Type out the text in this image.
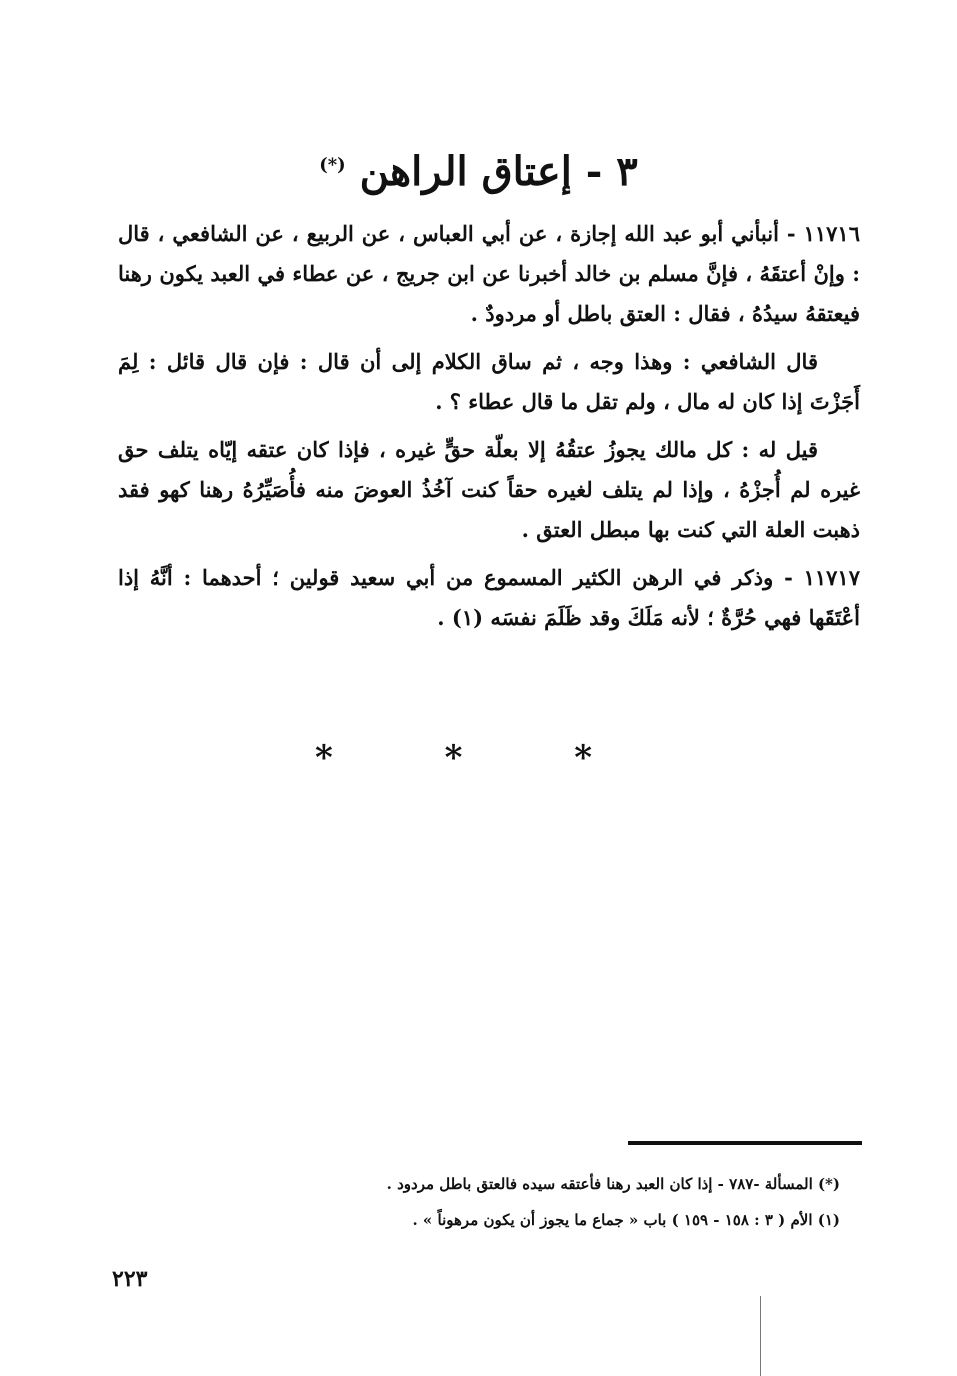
٣ - إعتاق الراهن (*)

١١٧١٦ - أنبأني أبو عبد الله إجازة ، عن أبي العباس ، عن الربيع ، عن الشافعي ، قال : وإنْ أعتقَهُ ، فإنَّ مسلم بن خالد أخبرنا عن ابن جريج ، عن عطاء في العبد يكون رهنا فيعتقهُ سيدُهُ ، فقال : العتق باطل أو مردودٌ .

قال الشافعي : وهذا وجه ، ثم ساق الكلام إلى أن قال : فإن قال قائل : لِمَ أَجَزْتَ إذا كان له مال ، ولم تقل ما قال عطاء ؟ .

قيل له : كل مالك يجوزُ عتقُهُ إلا بعلّة حقٍّ غيره ، فإذا كان عتقه إيّاه يتلف حق غيره لم أُجزْهُ ، وإذا لم يتلف لغيره حقاً كنت آخُذُ العوضَ منه فأُصَيِّرُهُ رهنا كهو فقد ذهبت العلة التي كنت بها مبطل العتق .

١١٧١٧ - وذكر في الرهن الكثير المسموع من أبي سعيد قولين ؛ أحدهما : أنَّهُ إذا أعْتَقَها فهي حُرَّةٌ ؛ لأنه مَلَكَ وقد ظَلَمَ نفسَه (١) .

* * *

(*) المسألة -٧٨٧ - إذا كان العبد رهنا فأعتقه سيده فالعتق باطل مردود .

(١) الأم ( ٣ : ١٥٨ - ١٥٩ ) باب « جماع ما يجوز أن يكون مرهوناً » .

٢٢٣
